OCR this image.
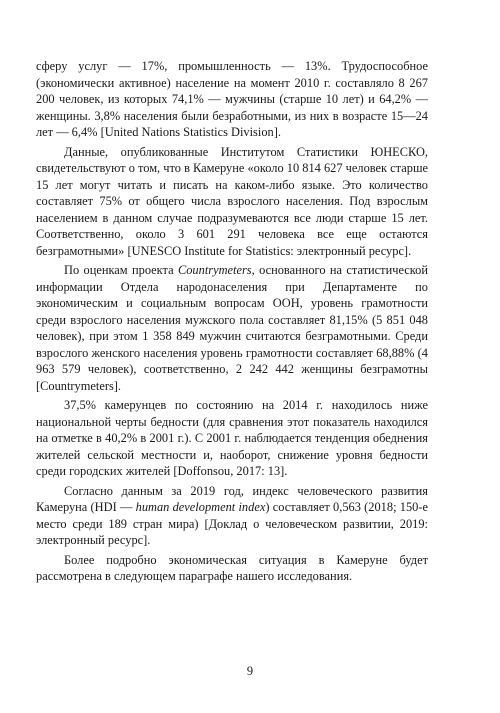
сферу услуг — 17%, промышленность — 13%. Трудоспособное (экономически активное) население на момент 2010 г. составляло 8 267 200 человек, из которых 74,1% — мужчины (старше 10 лет) и 64,2% — женщины. 3,8% населения были безработными, из них в возрасте 15—24 лет — 6,4% [United Nations Statistics Division].

Данные, опубликованные Институтом Статистики ЮНЕСКО, свидетельствуют о том, что в Камеруне «около 10 814 627 человек старше 15 лет могут читать и писать на каком-либо языке. Это количество составляет 75% от общего числа взрослого населения. Под взрослым населением в данном случае подразумеваются все люди старше 15 лет. Соответственно, около 3 601 291 человека все еще остаются безграмотными» [UNESCO Institute for Statistics: электронный ресурс].

По оценкам проекта Countrymeters, основанного на статистической информации Отдела народонаселения при Департаменте по экономическим и социальным вопросам ООН, уровень грамотности среди взрослого населения мужского пола составляет 81,15% (5 851 048 человек), при этом 1 358 849 мужчин считаются безграмотными. Среди взрослого женского населения уровень грамотности составляет 68,88% (4 963 579 человек), соответственно, 2 242 442 женщины безграмотны [Countrymeters].

37,5% камерунцев по состоянию на 2014 г. находилось ниже национальной черты бедности (для сравнения этот показатель находился на отметке в 40,2% в 2001 г.). С 2001 г. наблюдается тенденция обеднения жителей сельской местности и, наоборот, снижение уровня бедности среди городских жителей [Doffonsou, 2017: 13].

Согласно данным за 2019 год, индекс человеческого развития Камеруна (HDI — human development index) составляет 0,563 (2018; 150-е место среди 189 стран мира) [Доклад о человеческом развитии, 2019: электронный ресурс].

Более подробно экономическая ситуация в Камеруне будет рассмотрена в следующем параграфе нашего исследования.

9
